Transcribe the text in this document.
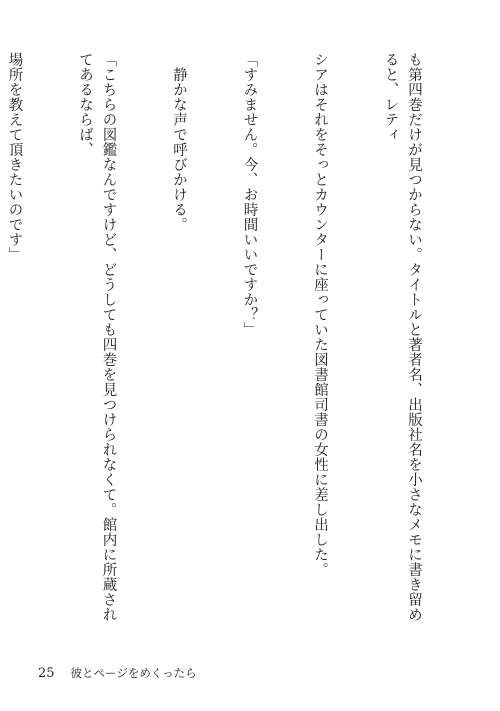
も第四巻だけが見つからない。タイトルと著者名、出版社名を小さなメモに書き留めると、レティ

シアはそれをそっとカウンターに座っていた図書館司書の女性に差し出した。

「すみません。今、お時間いいですか？」

　静かな声で呼びかける。

「こちらの図鑑なんですけど、どうしても四巻を見つけられなくて。館内に所蔵されてあるならば、

場所を教えて頂きたいのです」

25 彼とページをめくったら
